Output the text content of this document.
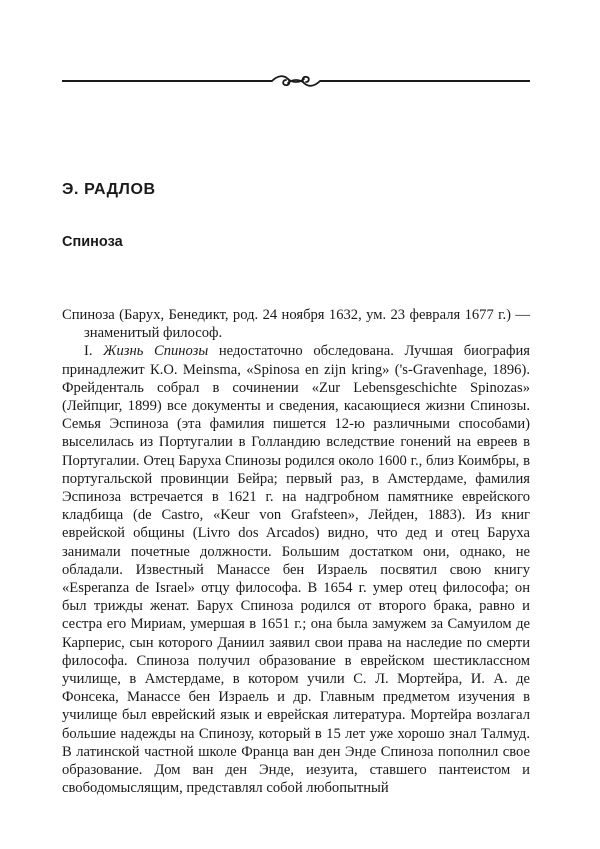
Э. РАДЛОВ
Спиноза

Спиноза (Барух, Бенедикт, род. 24 ноября 1632, ум. 23 февраля 1677 г.) — знаменитый философ.

I. Жизнь Спинозы недостаточно обследована. Лучшая биография принадлежит К.О. Meinsma, «Spinosa en zijn kring» ('s-Gravenhage, 1896). Фрейденталь собрал в сочинении «Zur Lebensgeschichte Spinozas» (Лейпциг, 1899) все документы и сведения, касающиеся жизни Спинозы. Семья Эспиноза (эта фамилия пишется 12-ю различными способами) выселилась из Португалии в Голландию вследствие гонений на евреев в Португалии. Отец Баруха Спинозы родился около 1600 г., близ Коимбры, в португальской провинции Бейра; первый раз, в Амстердаме, фамилия Эспиноза встречается в 1621 г. на надгробном памятнике еврейского кладбища (de Castro, «Keur von Grafsteen», Лейден, 1883). Из книг еврейской общины (Livro dos Arcados) видно, что дед и отец Баруха занимали почетные должности. Большим достатком они, однако, не обладали. Известный Манассе бен Израель посвятил свою книгу «Esperanza de Israel» отцу философа. В 1654 г. умер отец философа; он был трижды женат. Барух Спиноза родился от второго брака, равно и сестра его Мириам, умершая в 1651 г.; она была замужем за Самуилом де Карперис, сын которого Даниил заявил свои права на наследие по смерти философа. Спиноза получил образование в еврейском шестиклассном училище, в Амстердаме, в котором учили С. Л. Мортейра, И. А. де Фонсека, Манассе бен Израель и др. Главным предметом изучения в училище был еврейский язык и еврейская литература. Мортейра возлагал большие надежды на Спинозу, который в 15 лет уже хорошо знал Талмуд. В латинской частной школе Франца ван ден Энде Спиноза пополнил свое образование. Дом ван ден Энде, иезуита, ставшего пантеистом и свободомыслящим, представлял собой любопытный
